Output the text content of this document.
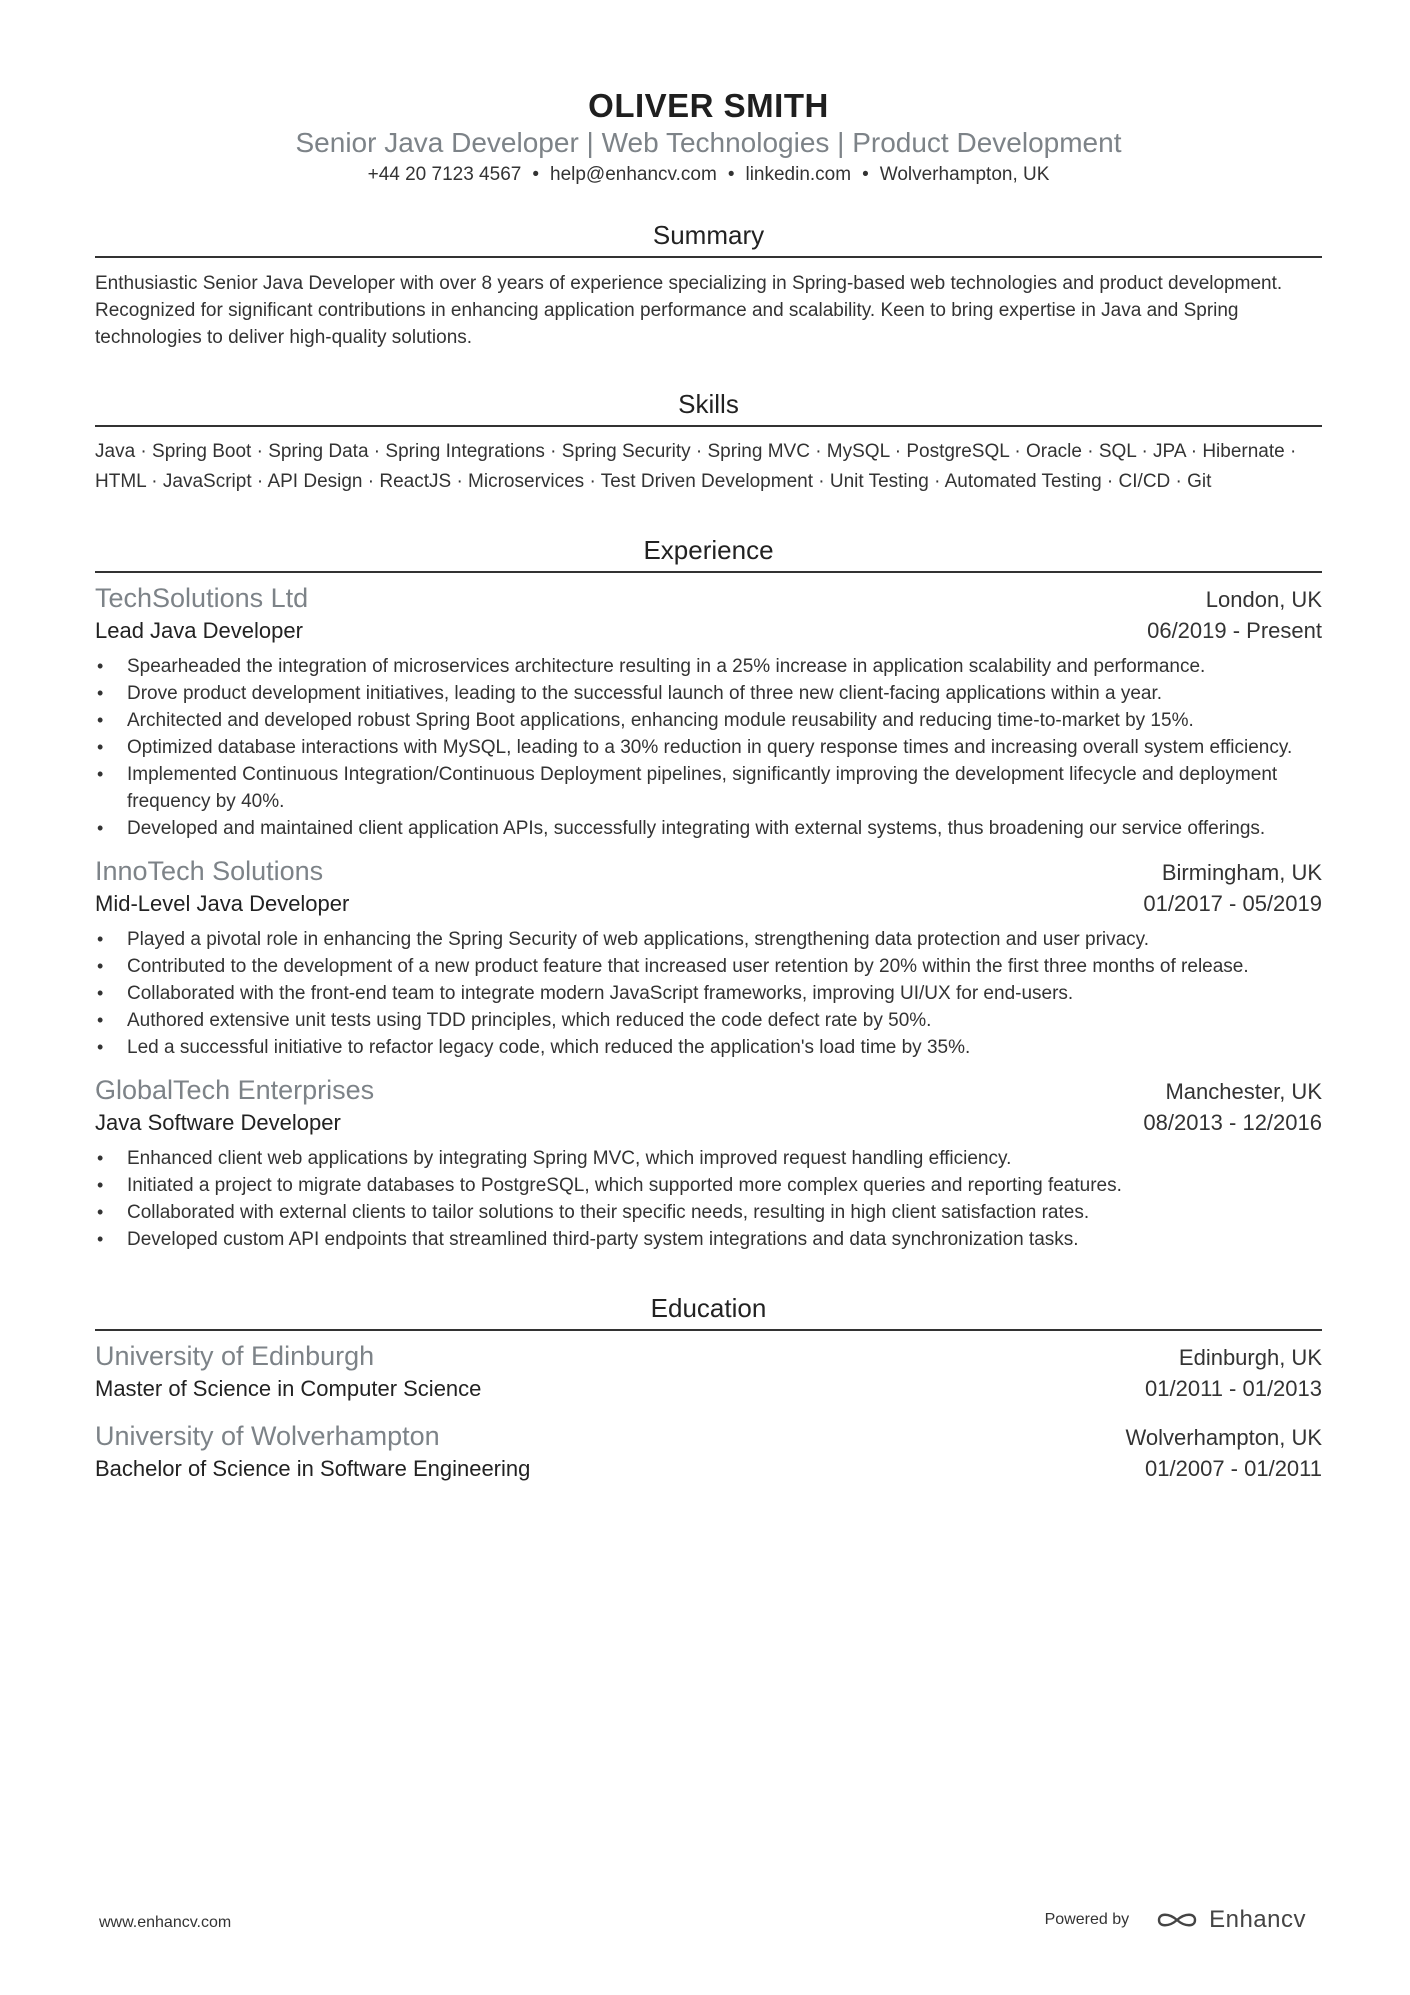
OLIVER SMITH
Senior Java Developer | Web Technologies | Product Development
+44 20 7123 4567 • help@enhancv.com • linkedin.com • Wolverhampton, UK
Summary
Enthusiastic Senior Java Developer with over 8 years of experience specializing in Spring-based web technologies and product development. Recognized for significant contributions in enhancing application performance and scalability. Keen to bring expertise in Java and Spring technologies to deliver high-quality solutions.
Skills
Java · Spring Boot · Spring Data · Spring Integrations · Spring Security · Spring MVC · MySQL · PostgreSQL · Oracle · SQL · JPA · Hibernate · HTML · JavaScript · API Design · ReactJS · Microservices · Test Driven Development · Unit Testing · Automated Testing · CI/CD · Git
Experience
TechSolutions Ltd	London, UK
Lead Java Developer	06/2019 - Present
• Spearheaded the integration of microservices architecture resulting in a 25% increase in application scalability and performance.
• Drove product development initiatives, leading to the successful launch of three new client-facing applications within a year.
• Architected and developed robust Spring Boot applications, enhancing module reusability and reducing time-to-market by 15%.
• Optimized database interactions with MySQL, leading to a 30% reduction in query response times and increasing overall system efficiency.
• Implemented Continuous Integration/Continuous Deployment pipelines, significantly improving the development lifecycle and deployment frequency by 40%.
• Developed and maintained client application APIs, successfully integrating with external systems, thus broadening our service offerings.
InnoTech Solutions	Birmingham, UK
Mid-Level Java Developer	01/2017 - 05/2019
• Played a pivotal role in enhancing the Spring Security of web applications, strengthening data protection and user privacy.
• Contributed to the development of a new product feature that increased user retention by 20% within the first three months of release.
• Collaborated with the front-end team to integrate modern JavaScript frameworks, improving UI/UX for end-users.
• Authored extensive unit tests using TDD principles, which reduced the code defect rate by 50%.
• Led a successful initiative to refactor legacy code, which reduced the application's load time by 35%.
GlobalTech Enterprises	Manchester, UK
Java Software Developer	08/2013 - 12/2016
• Enhanced client web applications by integrating Spring MVC, which improved request handling efficiency.
• Initiated a project to migrate databases to PostgreSQL, which supported more complex queries and reporting features.
• Collaborated with external clients to tailor solutions to their specific needs, resulting in high client satisfaction rates.
• Developed custom API endpoints that streamlined third-party system integrations and data synchronization tasks.
Education
University of Edinburgh	Edinburgh, UK
Master of Science in Computer Science	01/2011 - 01/2013
University of Wolverhampton	Wolverhampton, UK
Bachelor of Science in Software Engineering	01/2007 - 01/2011
www.enhancv.com	Powered by	Enhancv
